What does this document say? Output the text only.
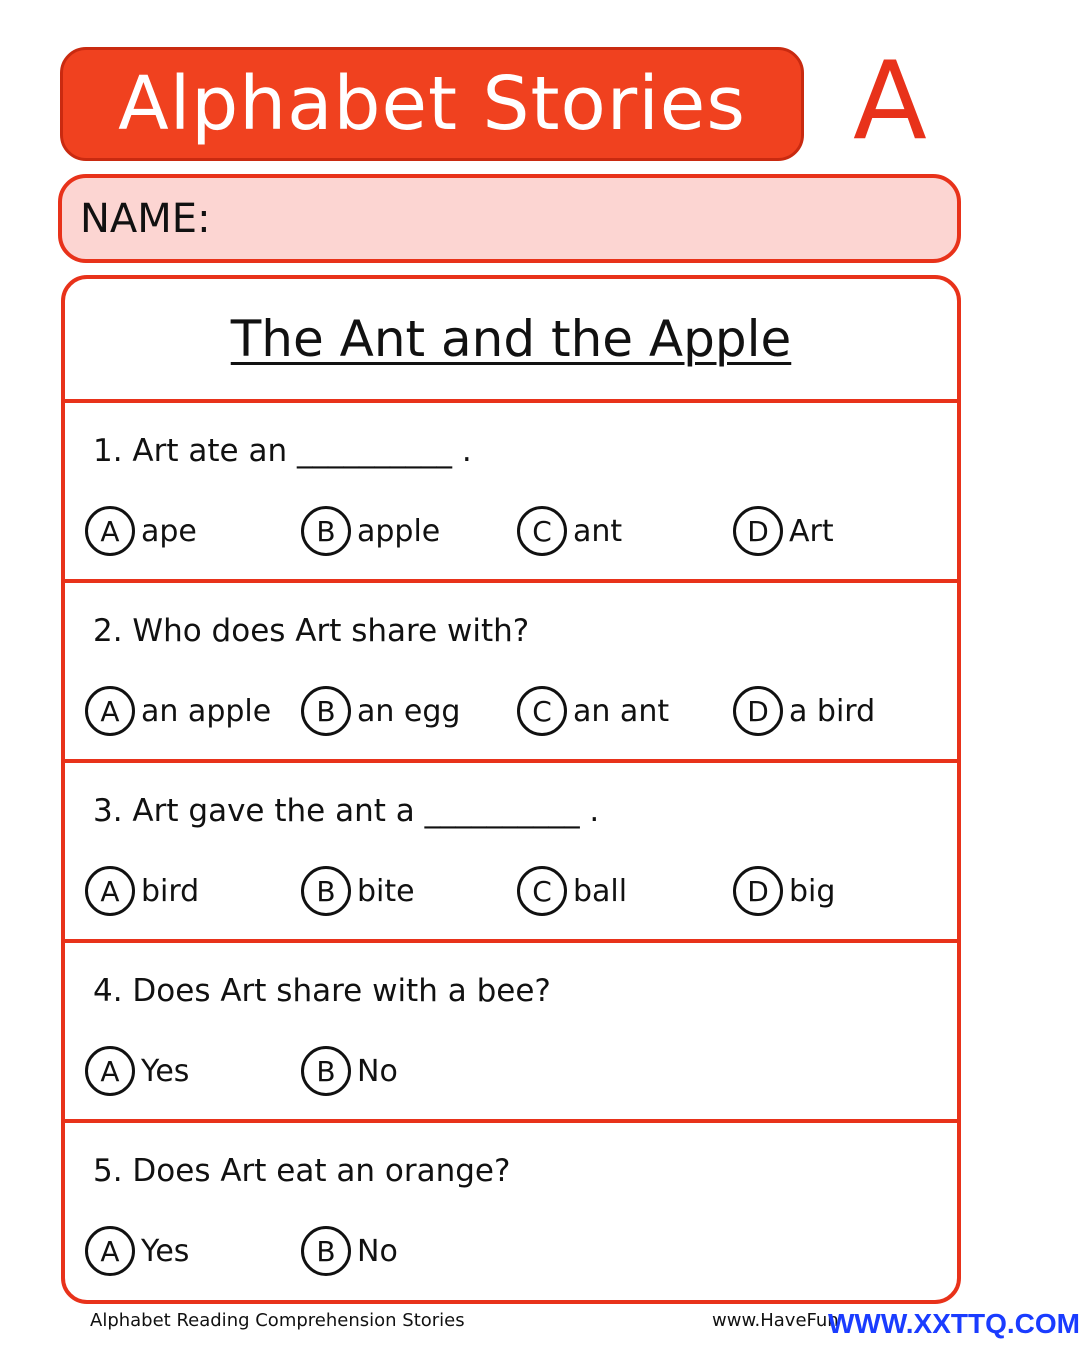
Alphabet Stories A
NAME:
The Ant and the Apple
1. Art ate an __________ .
A ape	B apple	C ant	D Art
2. Who does Art share with?
A an apple	B an egg	C an ant	D a bird
3. Art gave the ant a __________ .
A bird	B bite	C ball	D big
4. Does Art share with a bee?
A Yes	B No
5. Does Art eat an orange?
A Yes	B No
Alphabet Reading Comprehension Stories	www.HaveFun
WWW.XXTTQ.COM
